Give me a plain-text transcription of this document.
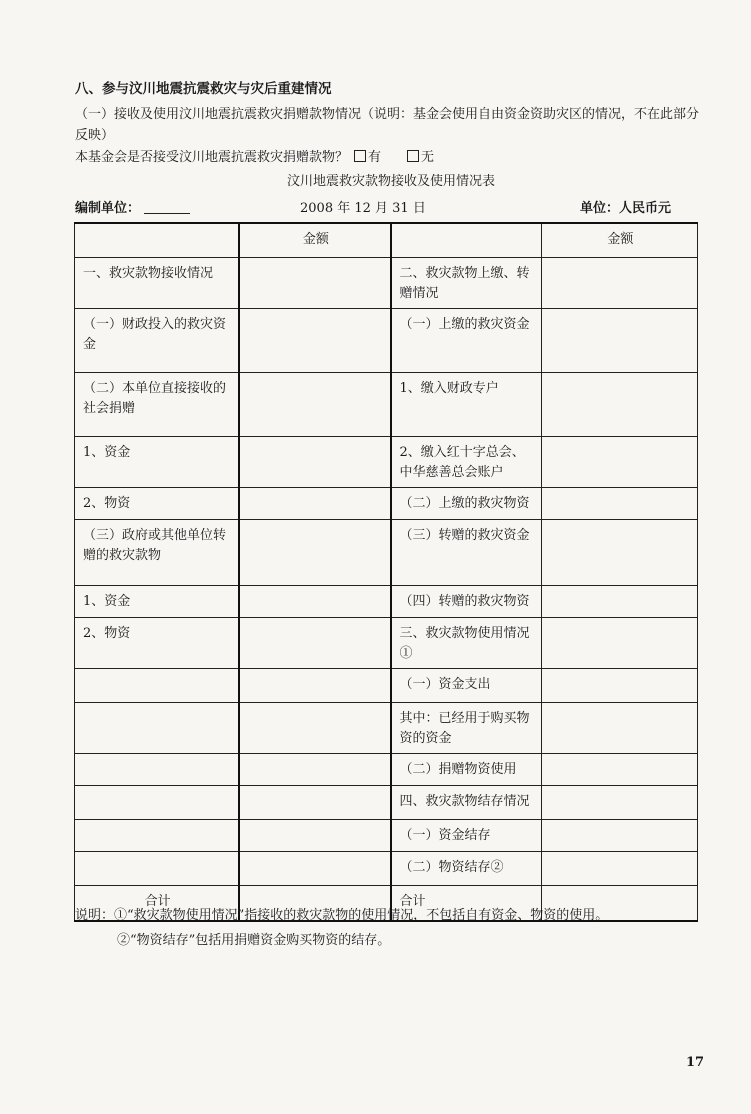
八、参与汶川地震抗震救灾与灾后重建情况
（一）接收及使用汶川地震抗震救灾捐赠款物情况（说明：基金会使用自由资金资助灾区的情况，不在此部分反映）
本基金会是否接受汶川地震抗震救灾捐赠款物？ 有	无
汶川地震救灾款物接收及使用情况表
编制单位：	2008 年 12 月 31 日	单位：人民币元
	金额		金额
一、救灾款物接收情况		二、救灾款物上缴、转赠情况	
（一）财政投入的救灾资金		（一）上缴的救灾资金	
（二）本单位直接接收的社会捐赠		1、缴入财政专户	
1、资金		2、缴入红十字总会、中华慈善总会账户	
2、物资		（二）上缴的救灾物资	
（三）政府或其他单位转赠的救灾款物		（三）转赠的救灾资金	
1、资金		（四）转赠的救灾物资	
2、物资		三、救灾款物使用情况①	
		（一）资金支出	
		其中：已经用于购买物资的资金	
		（二）捐赠物资使用	
		四、救灾款物结存情况	
		（一）资金结存	
		（二）物资结存②	
合计		合计	
说明：①“救灾款物使用情况”指接收的救灾款物的使用情况，不包括自有资金、物资的使用。
②“物资结存”包括用捐赠资金购买物资的结存。
17
